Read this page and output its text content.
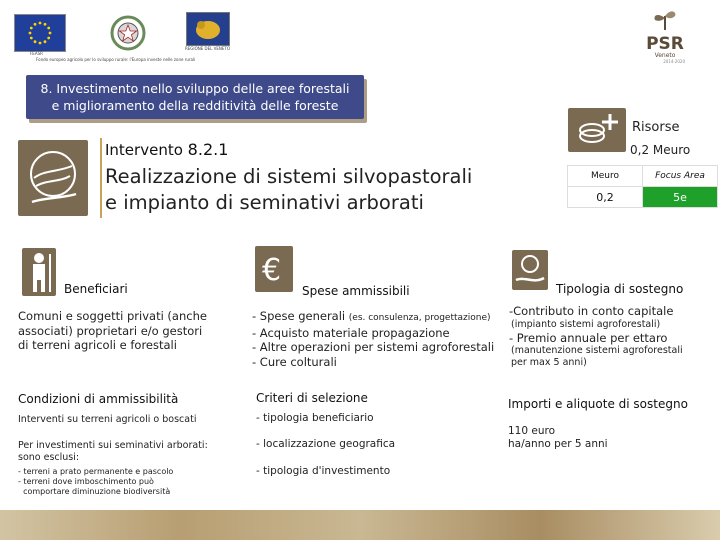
FEASR
REGIONE DEL VENETO
Fondo europeo agricolo per lo sviluppo rurale: l'Europa investe nelle zone rurali
PSR
Veneto
2014-2020
8. Investimento nello sviluppo delle aree forestali
e miglioramento della redditività delle foreste
Intervento 8.2.1
Realizzazione di sistemi silvopastorali
e impianto di seminativi arborati
Risorse
0,2 Meuro
Meuro	Focus Area
0,2	5e
Beneficiari
Comuni e soggetti privati (anche
associati) proprietari e/o gestori
di terreni agricoli e forestali
€
Spese ammissibili
- Spese generali (es. consulenza, progettazione)
- Acquisto materiale propagazione
- Altre operazioni per sistemi agroforestali
- Cure colturali
Tipologia di sostegno
-Contributo in conto capitale
(impianto sistemi agroforestali)
- Premio annuale per ettaro
(manutenzione sistemi agroforestali
per max 5 anni)
Condizioni di ammissibilità
Interventi su terreni agricoli o boscati
Per investimenti sui seminativi arborati:
sono esclusi:
- terreni a prato permanente e pascolo
- terreni dove imboschimento può
comportare diminuzione biodiversità
Criteri di selezione
- tipologia beneficiario
- localizzazione geografica
- tipologia d'investimento
Importi e aliquote di sostegno
110 euro
ha/anno per 5 anni
